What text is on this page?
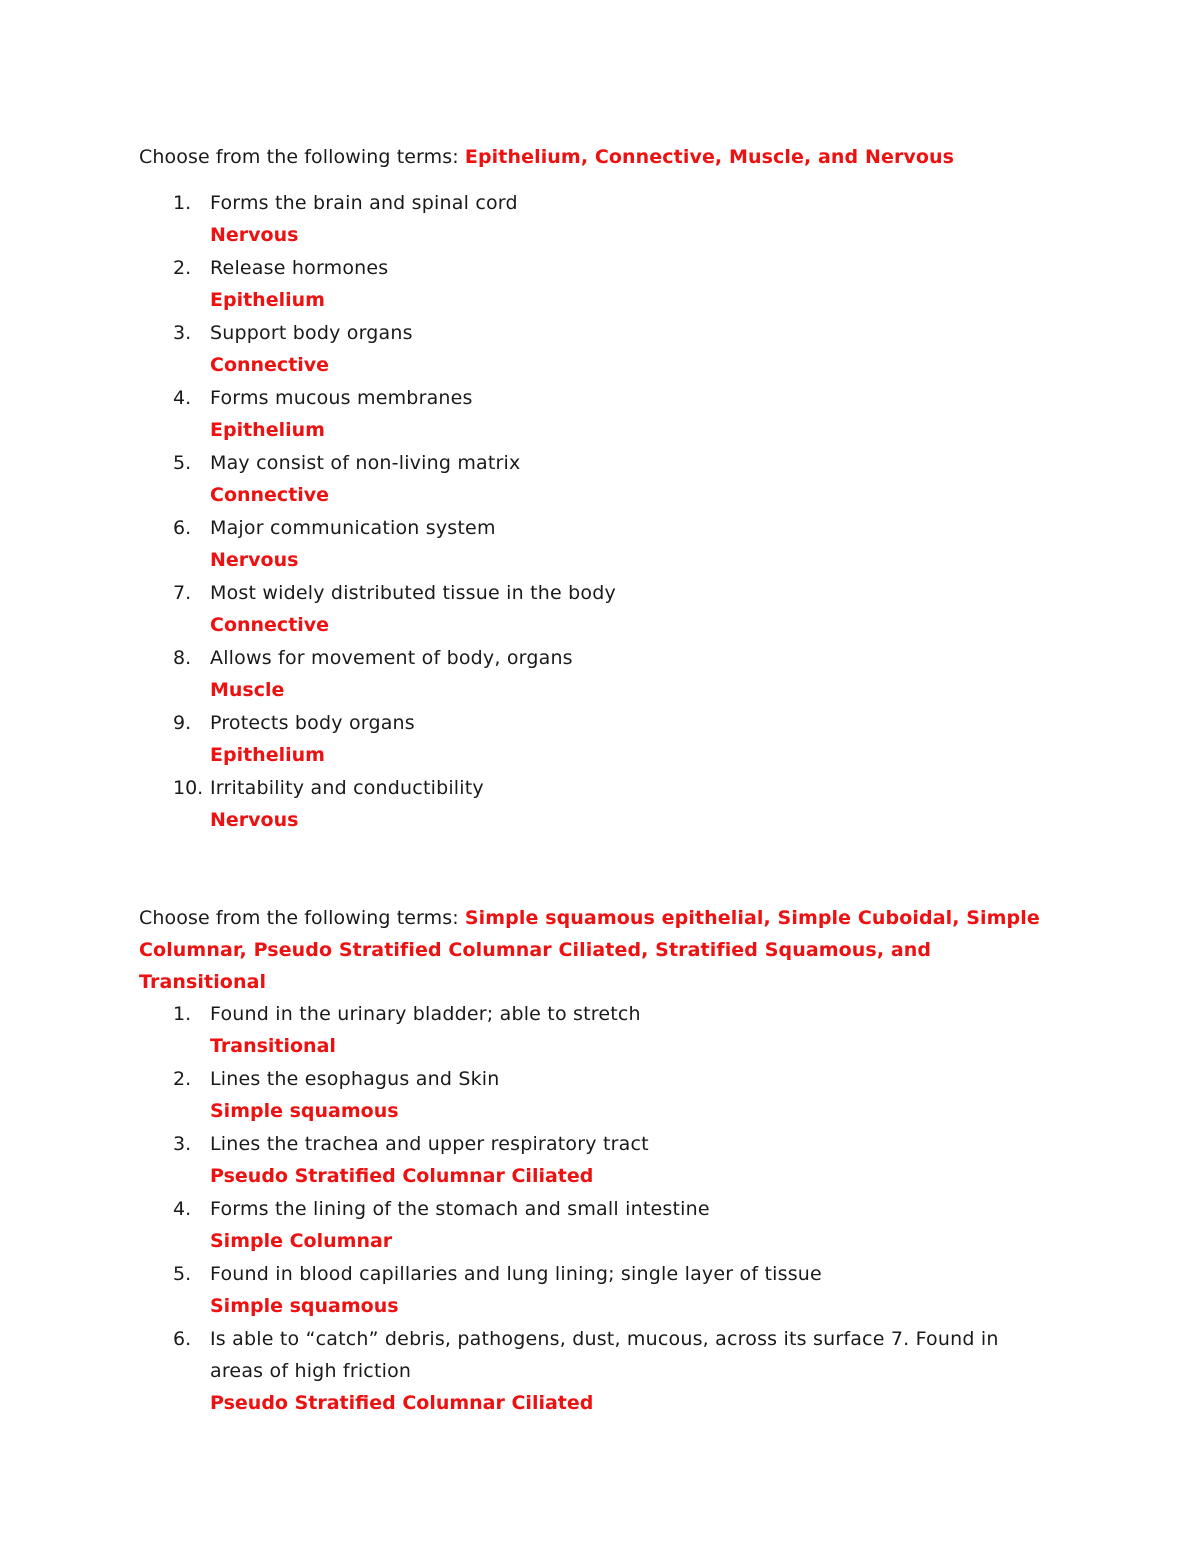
Choose from the following terms: Epithelium, Connective, Muscle, and Nervous

1. Forms the brain and spinal cord
Nervous
2. Release hormones
Epithelium
3. Support body organs
Connective
4. Forms mucous membranes
Epithelium
5. May consist of non-living matrix
Connective
6. Major communication system
Nervous
7. Most widely distributed tissue in the body
Connective
8. Allows for movement of body, organs
Muscle
9. Protects body organs
Epithelium
10. Irritability and conductibility
Nervous

Choose from the following terms: Simple squamous epithelial, Simple Cuboidal, Simple Columnar, Pseudo Stratified Columnar Ciliated, Stratified Squamous, and Transitional

1. Found in the urinary bladder; able to stretch
Transitional
2. Lines the esophagus and Skin
Simple squamous
3. Lines the trachea and upper respiratory tract
Pseudo Stratified Columnar Ciliated
4. Forms the lining of the stomach and small intestine
Simple Columnar
5. Found in blood capillaries and lung lining; single layer of tissue
Simple squamous
6. Is able to “catch” debris, pathogens, dust, mucous, across its surface 7. Found in areas of high friction
Pseudo Stratified Columnar Ciliated
